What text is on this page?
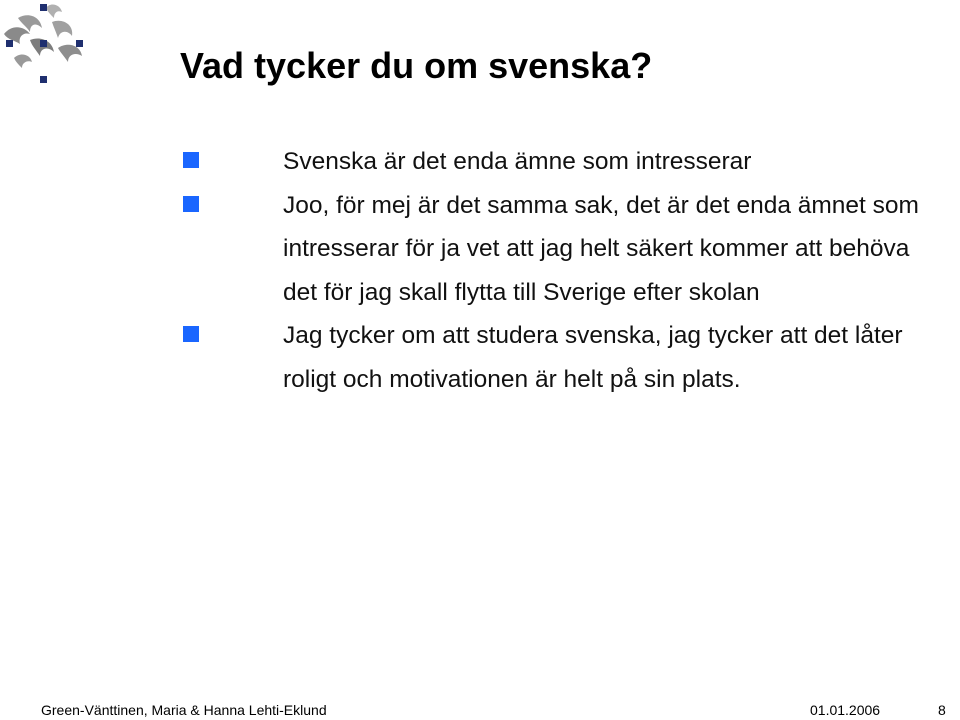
Vad tycker du om svenska?
Svenska är det enda ämne som intresserar
Joo, för mej är det samma sak, det är det enda ämnet som intresserar för ja vet att jag helt säkert kommer att behöva det för jag skall flytta till Sverige efter skolan
Jag tycker om att studera svenska, jag tycker att det låter roligt och motivationen är helt på sin plats.
Green-Vänttinen, Maria & Hanna Lehti-Eklund	01.01.2006	8
